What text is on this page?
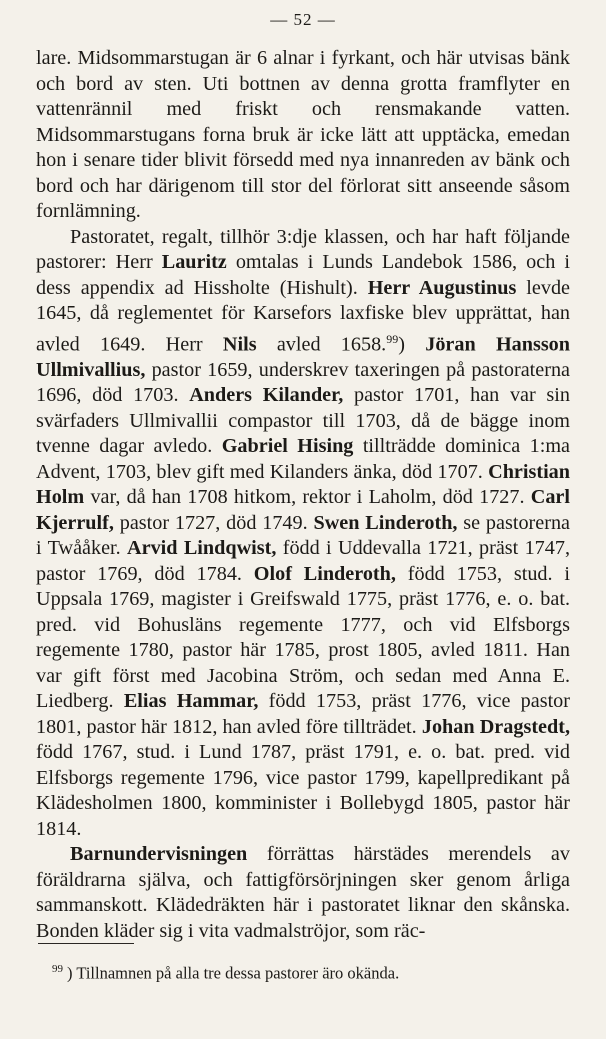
— 52 —

lare. Midsommarstugan är 6 alnar i fyrkant, och här utvisas bänk och bord av sten. Uti bottnen av denna grotta framflyter en vattenrännil med friskt och rensmakande vatten. Midsommarstugans forna bruk är icke lätt att upptäcka, emedan hon i senare tider blivit försedd med nya innanreden av bänk och bord och har därigenom till stor del förlorat sitt anseende såsom fornlämning.

Pastoratet, regalt, tillhör 3:dje klassen, och har haft följande pastorer: Herr Lauritz omtalas i Lunds Landebok 1586, och i dess appendix ad Hissholte (Hishult). Herr Augustinus levde 1645, då reglementet för Karsefors laxfiske blev upprättat, han avled 1649. Herr Nils avled 1658.99) Jöran Hansson Ullmivallius, pastor 1659, underskrev taxeringen på pastoraterna 1696, död 1703. Anders Kilander, pastor 1701, han var sin svärfaders Ullmivallii compastor till 1703, då de bägge inom tvenne dagar avledo. Gabriel Hising tillträdde dominica 1:ma Advent, 1703, blev gift med Kilanders änka, död 1707. Christian Holm var, då han 1708 hitkom, rektor i Laholm, död 1727. Carl Kjerrulf, pastor 1727, död 1749. Swen Linderoth, se pastorerna i Twååker. Arvid Lindqwist, född i Uddevalla 1721, präst 1747, pastor 1769, död 1784. Olof Linderoth, född 1753, stud. i Uppsala 1769, magister i Greifswald 1775, präst 1776, e. o. bat. pred. vid Bohusläns regemente 1777, och vid Elfsborgs regemente 1780, pastor här 1785, prost 1805, avled 1811. Han var gift först med Jacobina Ström, och sedan med Anna E. Liedberg. Elias Hammar, född 1753, präst 1776, vice pastor 1801, pastor här 1812, han avled före tillträdet. Johan Dragstedt, född 1767, stud. i Lund 1787, präst 1791, e. o. bat. pred. vid Elfsborgs regemente 1796, vice pastor 1799, kapellpredikant på Klädesholmen 1800, komminister i Bollebygd 1805, pastor här 1814.

Barnundervisningen förrättas härstädes merendels av föräldrarna själva, och fattigförsörjningen sker genom årliga sammanskott. Klädedräkten här i pastoratet liknar den skånska. Bonden kläder sig i vita vadmalströjor, som räc-

$^{99}$ ) Tillnamnen på alla tre dessa pastorer äro okända.
